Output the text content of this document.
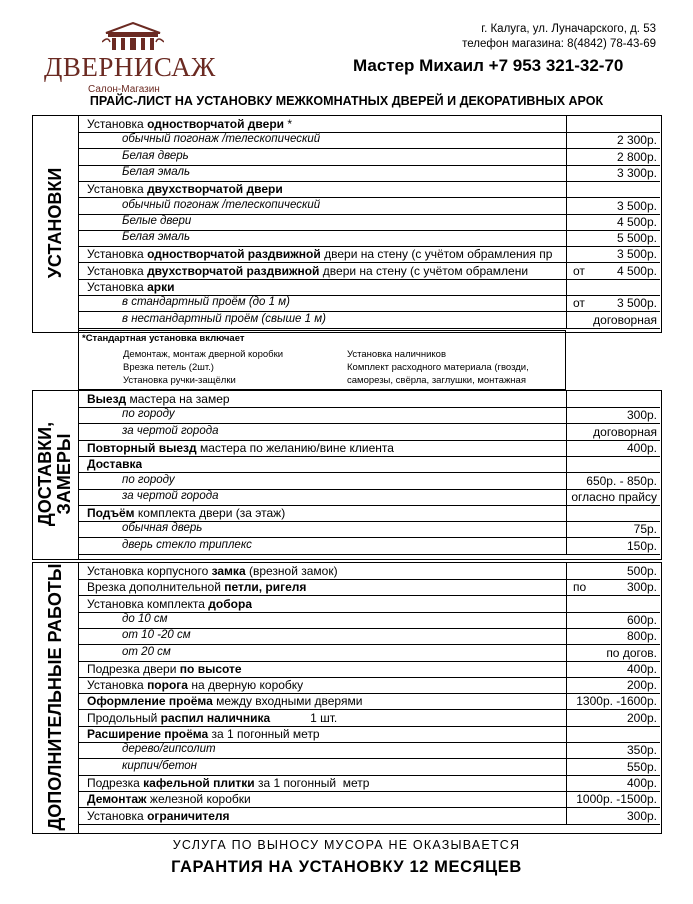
ДВЕРНИСАЖ
Салон-Магазин
г. Калуга, ул. Луначарского, д. 53
телефон магазина: 8(4842) 78-43-69
Мастер Михаил +7 953 321-32-70
ПРАЙС-ЛИСТ НА УСТАНОВКУ МЕЖКОМНАТНЫХ ДВЕРЕЙ И ДЕКОРАТИВНЫХ АРОК
УСТАНОВКИ
Установка одностворчатой двери *
обычный погонаж /телескопический	2 300р.
Белая дверь	2 800р.
Белая эмаль	3 300р.
Установка двухстворчатой двери
обычный погонаж /телескопический	3 500р.
Белые двери	4 500р.
Белая эмаль	5 500р.
Установка одностворчатой раздвижной двери на стену (с учётом обрамления пр	3 500р.
Установка двухстворчатой раздвижной двери на стену (с учётом обрамлени	от	4 500р.
Установка арки
в стандартный проём (до 1 м)	от	3 500р.
в нестандартный проём (свыше 1 м)	договорная
ДОСТАВКИ, ЗАМЕРЫ
Выезд мастера на замер
по городу	300р.
за чертой города	договорная
Повторный выезд мастера по желанию/вине клиента	400р.
Доставка
по городу	650р. - 850р.
за чертой города	огласно прайсу
Подъём комплекта двери (за этаж)
обычная дверь	75р.
дверь стекло триплекс	150р.
ДОПОЛНИТЕЛЬНЫЕ РАБОТЫ Установка корпусного замка (врезной замок)	500р.
Врезка дополнительной петли, ригеля	по	300р.
Установка комплекта добора
до 10 см	600р.
от 10 -20 см	800р.
от 20 см	по догов.
Подрезка двери по высоте	400р.
Установка порога на дверную коробку	200р.
Оформление проёма между входными дверями	1300р. -1600р.
Продольный распил наличника            1 шт.	200р.
Расширение проёма за 1 погонный метр
дерево/гипсолит	350р.
кирпич/бетон	550р.
Подрезка кафельной плитки за 1 погонный  метр	400р.
Демонтаж железной коробки	1000р. -1500р.
Установка ограничителя	300р.
*Стандартная установка включает
Демонтаж, монтаж дверной коробки
Врезка петель (2шт.)
Установка ручки-защёлки
Установка наличников
Комплект расходного материала (гвозди,
саморезы, свёрла, заглушки, монтажная
УСЛУГА ПО ВЫНОСУ МУСОРА НЕ ОКАЗЫВАЕТСЯ
ГАРАНТИЯ НА УСТАНОВКУ 12 МЕСЯЦЕВ
